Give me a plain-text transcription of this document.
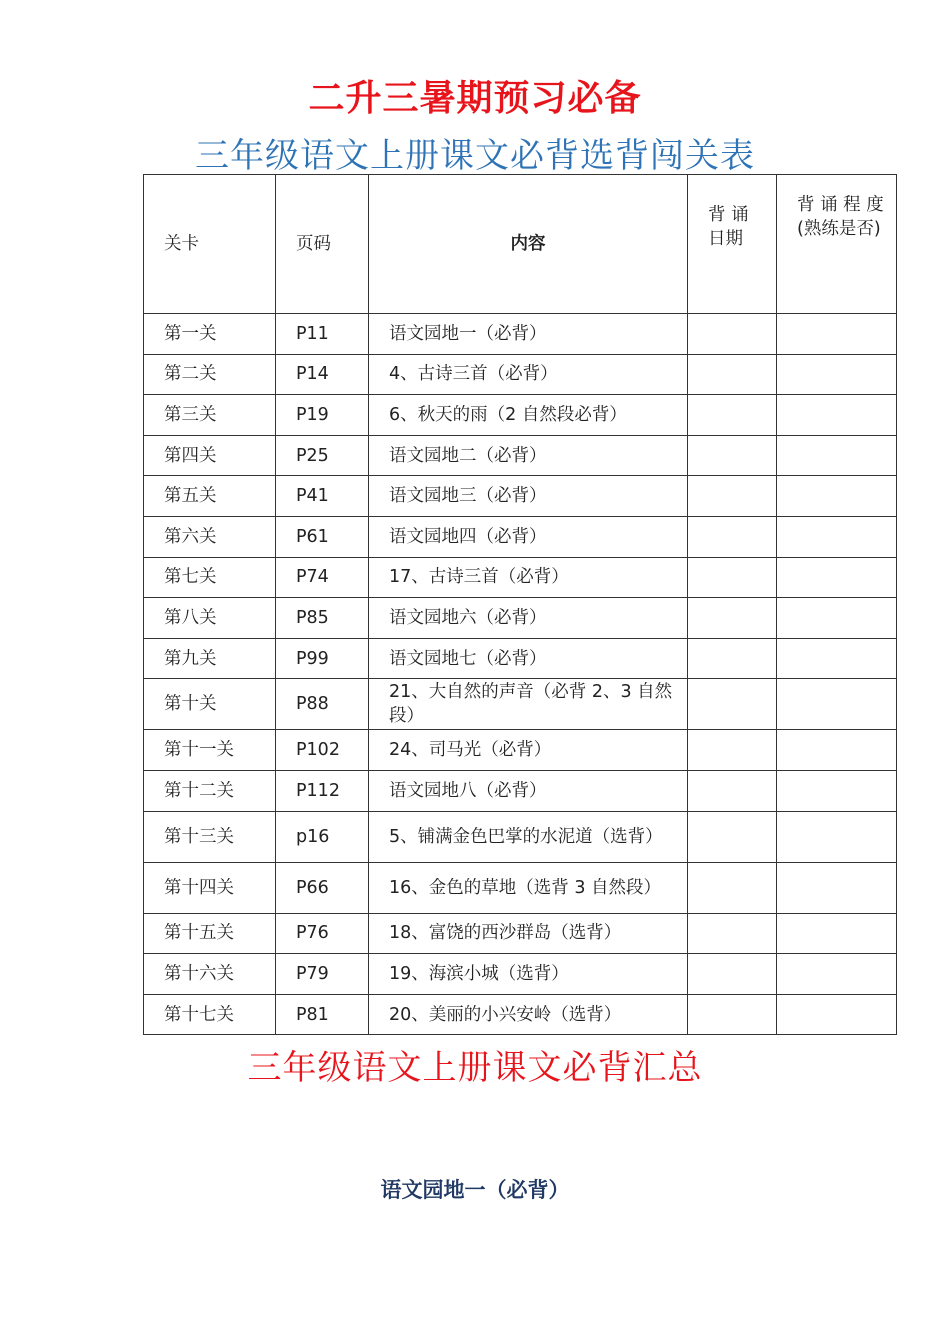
二升三暑期预习必备
三年级语文上册课文必背选背闯关表
关卡	页码	内容	背 诵 日期	背 诵 程 度(熟练是否)
第一关	P11	语文园地一（必背）		
第二关	P14	4、古诗三首（必背）		
第三关	P19	6、秋天的雨（2 自然段必背）		
第四关	P25	语文园地二（必背）		
第五关	P41	语文园地三（必背）		
第六关	P61	语文园地四（必背）		
第七关	P74	17、古诗三首（必背）		
第八关	P85	语文园地六（必背）		
第九关	P99	语文园地七（必背）		
第十关	P88	21、大自然的声音（必背 2、3 自然段）		
第十一关	P102	24、司马光（必背）		
第十二关	P112	语文园地八（必背）		
第十三关	p16	5、铺满金色巴掌的水泥道（选背）		
第十四关	P66	16、金色的草地（选背 3 自然段）		
第十五关	P76	18、富饶的西沙群岛（选背）		
第十六关	P79	19、海滨小城（选背）		
第十七关	P81	20、美丽的小兴安岭（选背）		
三年级语文上册课文必背汇总
语文园地一（必背）
